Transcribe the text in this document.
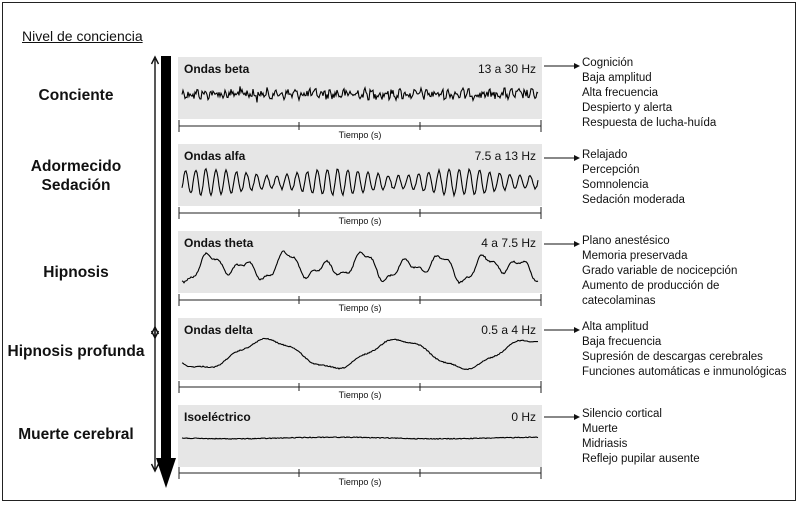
Nivel de conciencia
Conciente
Adormecido
Sedación
Hipnosis
Hipnosis profunda
Muerte cerebral
Ondas beta	13 a 30 Hz
Tiempo (s)
Cognición
Baja amplitud
Alta frecuencia
Despierto y alerta
Respuesta de lucha-huída
Ondas alfa	7.5 a 13 Hz
Tiempo (s)
Relajado
Percepción
Somnolencia
Sedación moderada
Ondas theta	4 a 7.5 Hz
Tiempo (s)
Plano anestésico
Memoria preservada
Grado variable de nocicepción
Aumento de producción de catecolaminas
Ondas delta	0.5 a 4 Hz
Tiempo (s)
Alta amplitud
Baja frecuencia
Supresión de descargas cerebrales
Funciones automáticas e inmunológicas
Isoeléctrico	0 Hz
Tiempo (s)
Silencio cortical
Muerte
Midriasis
Reflejo pupilar ausente
